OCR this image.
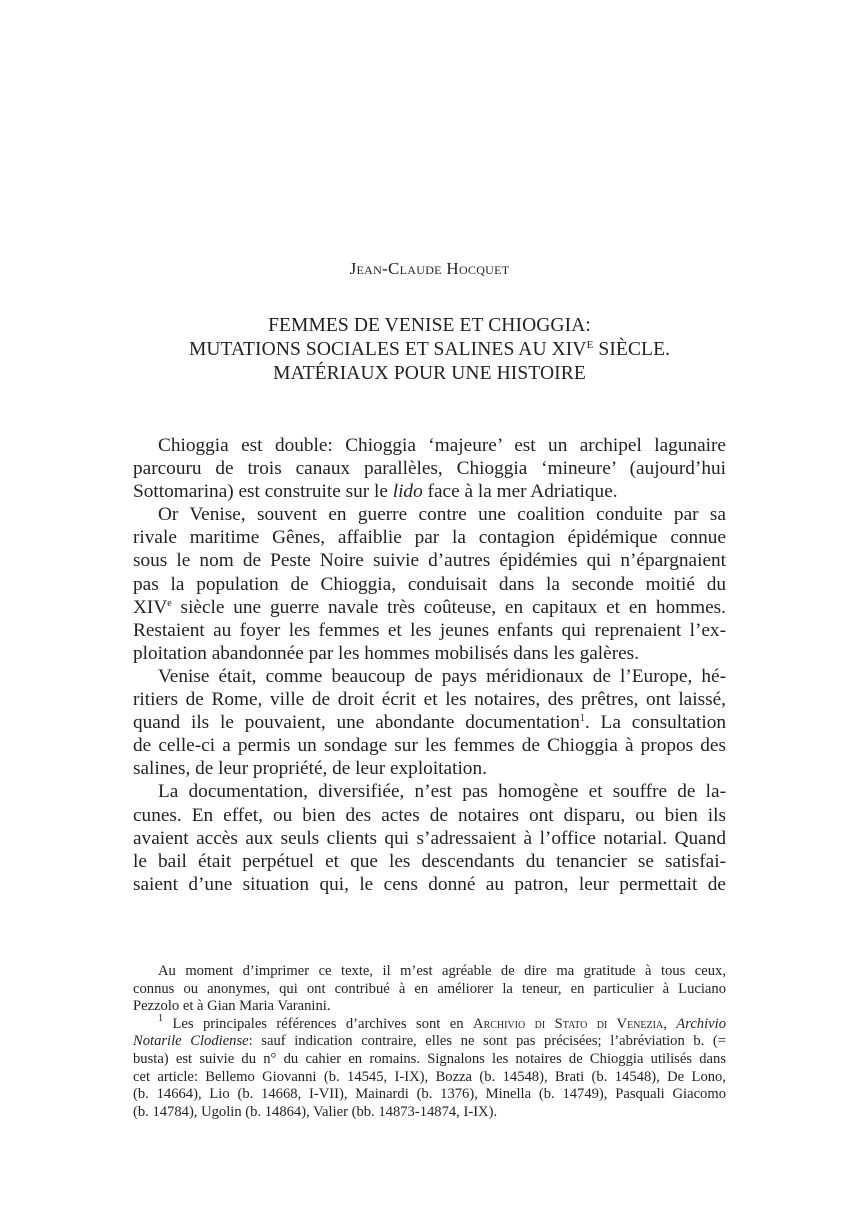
Jean-Claude Hocquet
FEMMES DE VENISE ET CHIOGGIA:
MUTATIONS SOCIALES ET SALINES AU $XIV^E$ SIÈCLE.
MATÉRIAUX POUR UNE HISTOIRE
Chioggia est double: Chioggia ‘majeure’ est un archipel lagunaire
parcouru de trois canaux parallèles, Chioggia ‘mineure’ (aujourd’hui
Sottomarina) est construite sur le lido face à la mer Adriatique.
Or Venise, souvent en guerre contre une coalition conduite par sa
rivale maritime Gênes, affaiblie par la contagion épidémique connue
sous le nom de Peste Noire suivie d’autres épidémies qui n’épargnaient
pas la population de Chioggia, conduisait dans la seconde moitié du
XIVe siècle une guerre navale très coûteuse, en capitaux et en hommes.
Restaient au foyer les femmes et les jeunes enfants qui reprenaient l’ex-
ploitation abandonnée par les hommes mobilisés dans les galères.
Venise était, comme beaucoup de pays méridionaux de l’Europe, hé-
ritiers de Rome, ville de droit écrit et les notaires, des prêtres, ont laissé,
quand ils le pouvaient, une abondante documentation$^1$. La consultation
de celle-ci a permis un sondage sur les femmes de Chioggia à propos des
salines, de leur propriété, de leur exploitation.
La documentation, diversifiée, n’est pas homogène et souffre de la-
cunes. En effet, ou bien des actes de notaires ont disparu, ou bien ils
avaient accès aux seuls clients qui s’adressaient à l’office notarial. Quand
le bail était perpétuel et que les descendants du tenancier se satisfai-
saient d’une situation qui, le cens donné au patron, leur permettait de
Au moment d’imprimer ce texte, il m’est agréable de dire ma gratitude à tous ceux,
connus ou anonymes, qui ont contribué à en améliorer la teneur, en particulier à Luciano
Pezzolo et à Gian Maria Varanini.
$^1$ Les principales références d’archives sont en Archivio di Stato di Venezia, Archivio
Notarile Clodiense: sauf indication contraire, elles ne sont pas précisées; l’abréviation b. (=
busta) est suivie du n° du cahier en romains. Signalons les notaires de Chioggia utilisés dans
cet article: Bellemo Giovanni (b. 14545, I-IX), Bozza (b. 14548), Brati (b. 14548), De Lono,
(b. 14664), Lio (b. 14668, I-VII), Mainardi (b. 1376), Minella (b. 14749), Pasquali Giacomo
(b. 14784), Ugolin (b. 14864), Valier (bb. 14873-14874, I-IX).
